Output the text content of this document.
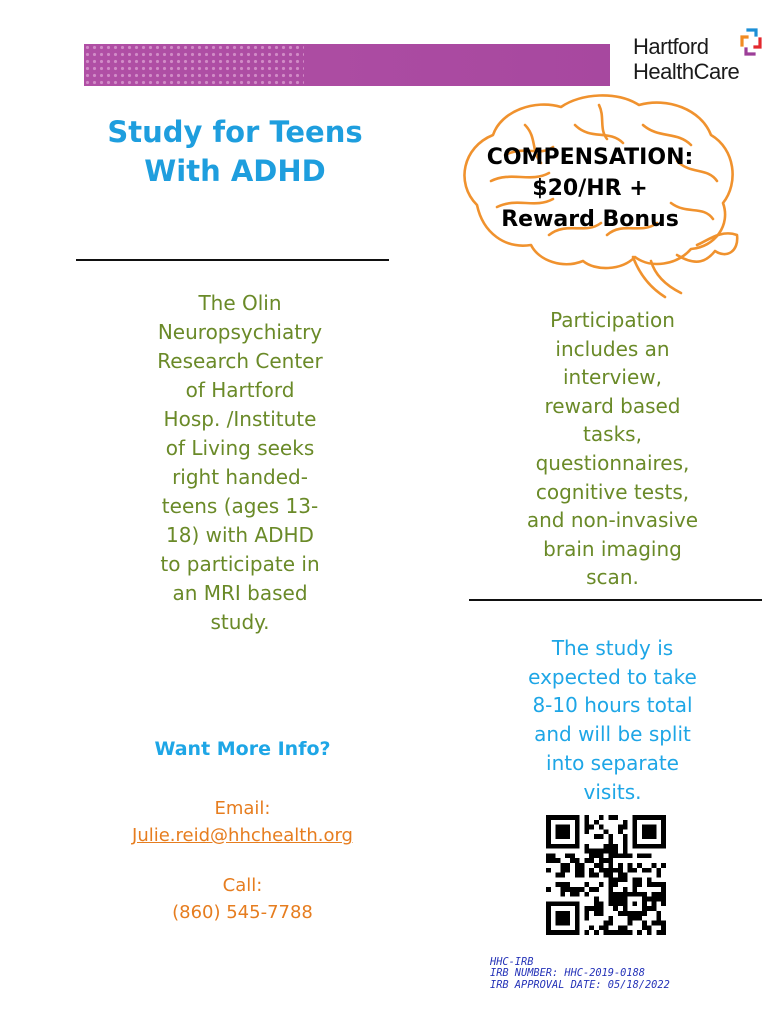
Hartford
HealthCare
Study for Teens
With ADHD	COMPENSATION:
$20/HR +
Reward Bonus
The Olin
Neuropsychiatry
Research Center
of Hartford
Hosp. /Institute
of Living seeks
right handed-
teens (ages 13-
18) with ADHD
to participate in
an MRI based
study.
Participation
includes an
interview,
reward based
tasks,
questionnaires,
cognitive tests,
and non-invasive
brain imaging
scan.
The study is
expected to take
8-10 hours total
and will be split
into separate
visits.
Want More Info?
Email:
Julie.reid@hhchealth.org
Call:
(860) 545-7788
HHC-IRB
IRB NUMBER: HHC-2019-0188
IRB APPROVAL DATE: 05/18/2022
